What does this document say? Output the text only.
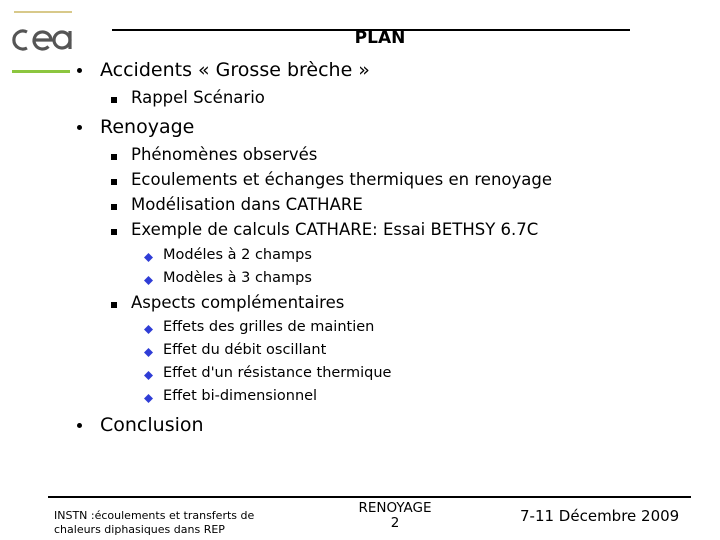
PLAN
Accidents « Grosse brèche »
Rappel Scénario
Renoyage
Phénomènes observés
Ecoulements et échanges thermiques en renoyage
Modélisation dans CATHARE
Exemple de calculs CATHARE: Essai BETHSY 6.7C
Modéles à 2 champs
Modèles à 3 champs
Aspects complémentaires
Effets des grilles de maintien
Effet du débit oscillant
Effet d'un résistance thermique
Effet bi-dimensionnel
Conclusion
INSTN :écoulements et transferts de
chaleurs diphasiques dans REP
RENOYAGE
2	7-11 Décembre 2009
